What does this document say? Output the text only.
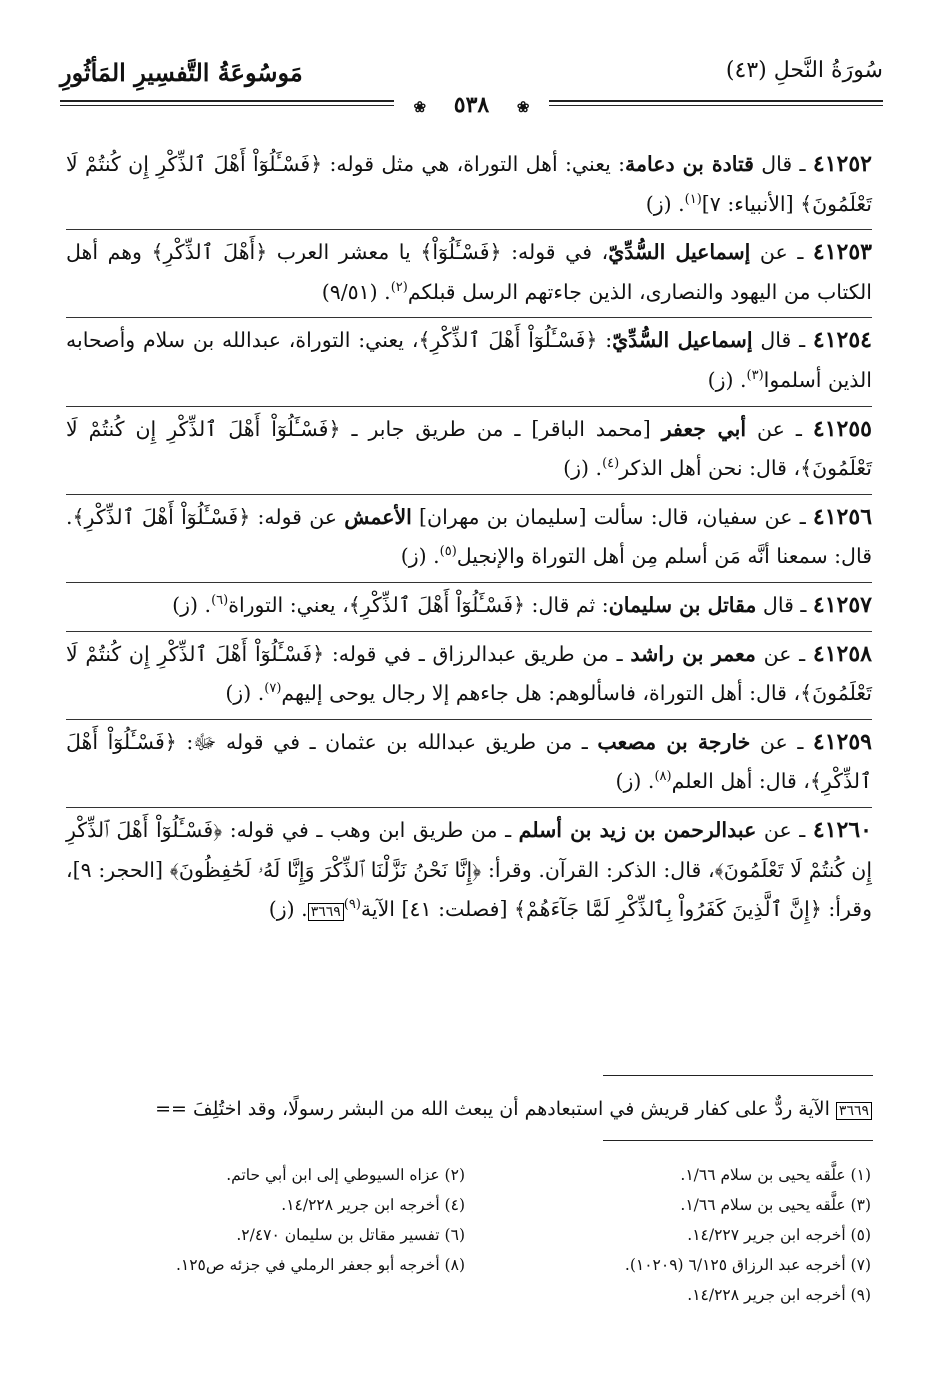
سُورَةُ النَّحلِ (٤٣)
مَوسُوعَةُ التَّفسِيرِ المَأثُورِ
❀ ٥٣٨ ❀
٤١٢٥٢ ـ قال قتادة بن دعامة: يعني: أهل التوراة، هي مثل قوله: ﴿فَسْـَٔلُوٓاْ أَهْلَ ٱلذِّكْرِ إِن كُنتُمْ لَا تَعْلَمُونَ﴾ [الأنبياء: ٧]$^{(١)}$. (ز)
٤١٢٥٣ ـ عن إسماعيل السُّدِّيّ، في قوله: ﴿فَسْـَٔلُوٓاْ﴾ يا معشر العرب ﴿أَهْلَ ٱلذِّكْرِ﴾ وهم أهل الكتاب من اليهود والنصارى، الذين جاءتهم الرسل قبلكم$^{(٢)}$. (٩/٥١)
٤١٢٥٤ ـ قال إسماعيل السُّدِّيّ: ﴿فَسْـَٔلُوٓاْ أَهْلَ ٱلذِّكْرِ﴾، يعني: التوراة، عبدالله بن سلام وأصحابه الذين أسلموا$^{(٣)}$. (ز)
٤١٢٥٥ ـ عن أبي جعفر [محمد الباقر] ـ من طريق جابر ـ ﴿فَسْـَٔلُوٓاْ أَهْلَ ٱلذِّكْرِ إِن كُنتُمْ لَا تَعْلَمُونَ﴾، قال: نحن أهل الذكر$^{(٤)}$. (ز)
٤١٢٥٦ ـ عن سفيان، قال: سألت [سليمان بن مهران] الأعمش عن قوله: ﴿فَسْـَٔلُوٓاْ أَهْلَ ٱلذِّكْرِ﴾. قال: سمعنا أنَّه مَن أسلم مِن أهل التوراة والإنجيل$^{(٥)}$. (ز)
٤١٢٥٧ ـ قال مقاتل بن سليمان: ثم قال: ﴿فَسْـَٔلُوٓاْ أَهْلَ ٱلذِّكْرِ﴾، يعني: التوراة$^{(٦)}$. (ز)
٤١٢٥٨ ـ عن معمر بن راشد ـ من طريق عبدالرزاق ـ في قوله: ﴿فَسْـَٔلُوٓاْ أَهْلَ ٱلذِّكْرِ إِن كُنتُمْ لَا تَعْلَمُونَ﴾، قال: أهل التوراة، فاسألوهم: هل جاءهم إلا رجال يوحى إليهم$^{(٧)}$. (ز)
٤١٢٥٩ ـ عن خارجة بن مصعب ـ من طريق عبدالله بن عثمان ـ في قوله ﷻ: ﴿فَسْـَٔلُوٓاْ أَهْلَ ٱلذِّكْرِ﴾، قال: أهل العلم$^{(٨)}$. (ز)
٤١٢٦٠ ـ عن عبدالرحمن بن زيد بن أسلم ـ من طريق ابن وهب ـ في قوله: ﴿فَسْـَٔلُوٓاْ أَهْلَ ٱلذِّكْرِ إِن كُنتُمْ لَا تَعْلَمُونَ﴾، قال: الذكر: القرآن. وقرأ: ﴿إِنَّا نَحْنُ نَزَّلْنَا ٱلذِّكْرَ وَإِنَّا لَهُۥ لَحَٰفِظُونَ﴾ [الحجر: ٩]، وقرأ: ﴿إِنَّ ٱلَّذِينَ كَفَرُواْ بِٱلذِّكْرِ لَمَّا جَآءَهُمْ﴾ [فصلت: ٤١] الآية$^{(٩)}$٣٦٦٩. (ز)
٣٦٦٩ الآية ردٌّ على كفار قريش في استبعادهم أن يبعث الله من البشر رسولًا، وقد اختُلِفَ ==
(١) علَّقه يحيى بن سلام ١/٦٦.
(٣) علَّقه يحيى بن سلام ١/٦٦.
(٥) أخرجه ابن جرير ١٤/٢٢٧.
(٧) أخرجه عبد الرزاق ٦/١٢٥ (١٠٢٠٩).
(٩) أخرجه ابن جرير ١٤/٢٢٨.
(٢) عزاه السيوطي إلى ابن أبي حاتم.
(٤) أخرجه ابن جرير ١٤/٢٢٨.
(٦) تفسير مقاتل بن سليمان ٢/٤٧٠.
(٨) أخرجه أبو جعفر الرملي في جزئه ص١٢٥.
